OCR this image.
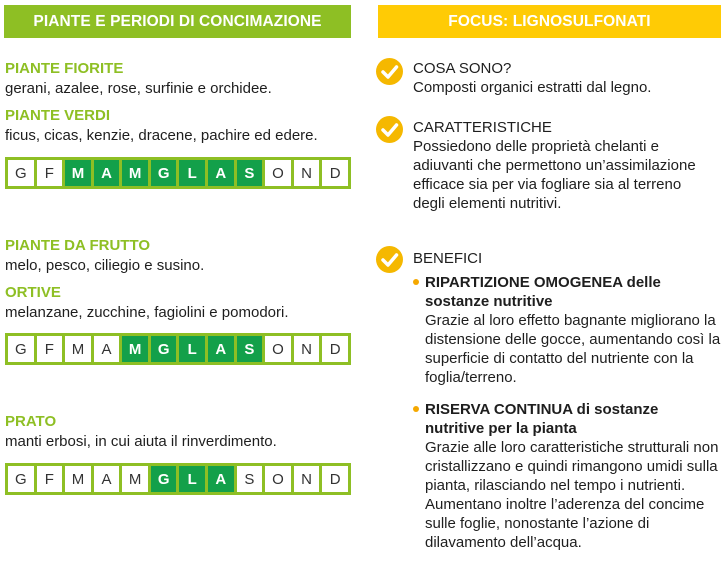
PIANTE E PERIODI DI CONCIMAZIONE	FOCUS: LIGNOSULFONATI
PIANTE FIORITE
gerani, azalee, rose, surfinie e orchidee.
PIANTE VERDI
ficus, cicas, kenzie, dracene, pachire ed edere.
G	F	M	A	M	G	L	A	S	O	N	D
PIANTE DA FRUTTO
melo, pesco, ciliegio e susino.
ORTIVE
melanzane, zucchine, fagiolini e pomodori.
G	F	M	A	M	G	L	A	S	O	N	D
PRATO
manti erbosi, in cui aiuta il rinverdimento.
G	F	M	A	M	G	L	A	S	O	N	D
COSA SONO?
Composti organici estratti dal legno.
CARATTERISTICHE
Possiedono delle proprietà chelanti e adiuvanti che permettono un’assimilazione efficace sia per via fogliare sia al terreno degli elementi nutritivi.
BENEFICI
RIPARTIZIONE OMOGENEA delle sostanze nutritive
Grazie al loro effetto bagnante migliorano la distensione delle gocce, aumentando così la superficie di contatto del nutriente con la foglia/terreno.
RISERVA CONTINUA di sostanze nutritive per la pianta
Grazie alle loro caratteristiche strutturali non cristallizzano e quindi rimangono umidi sulla pianta, rilasciando nel tempo i nutrienti. Aumentano inoltre l’aderenza del concime sulle foglie, nonostante l’azione di dilavamento dell’acqua.
